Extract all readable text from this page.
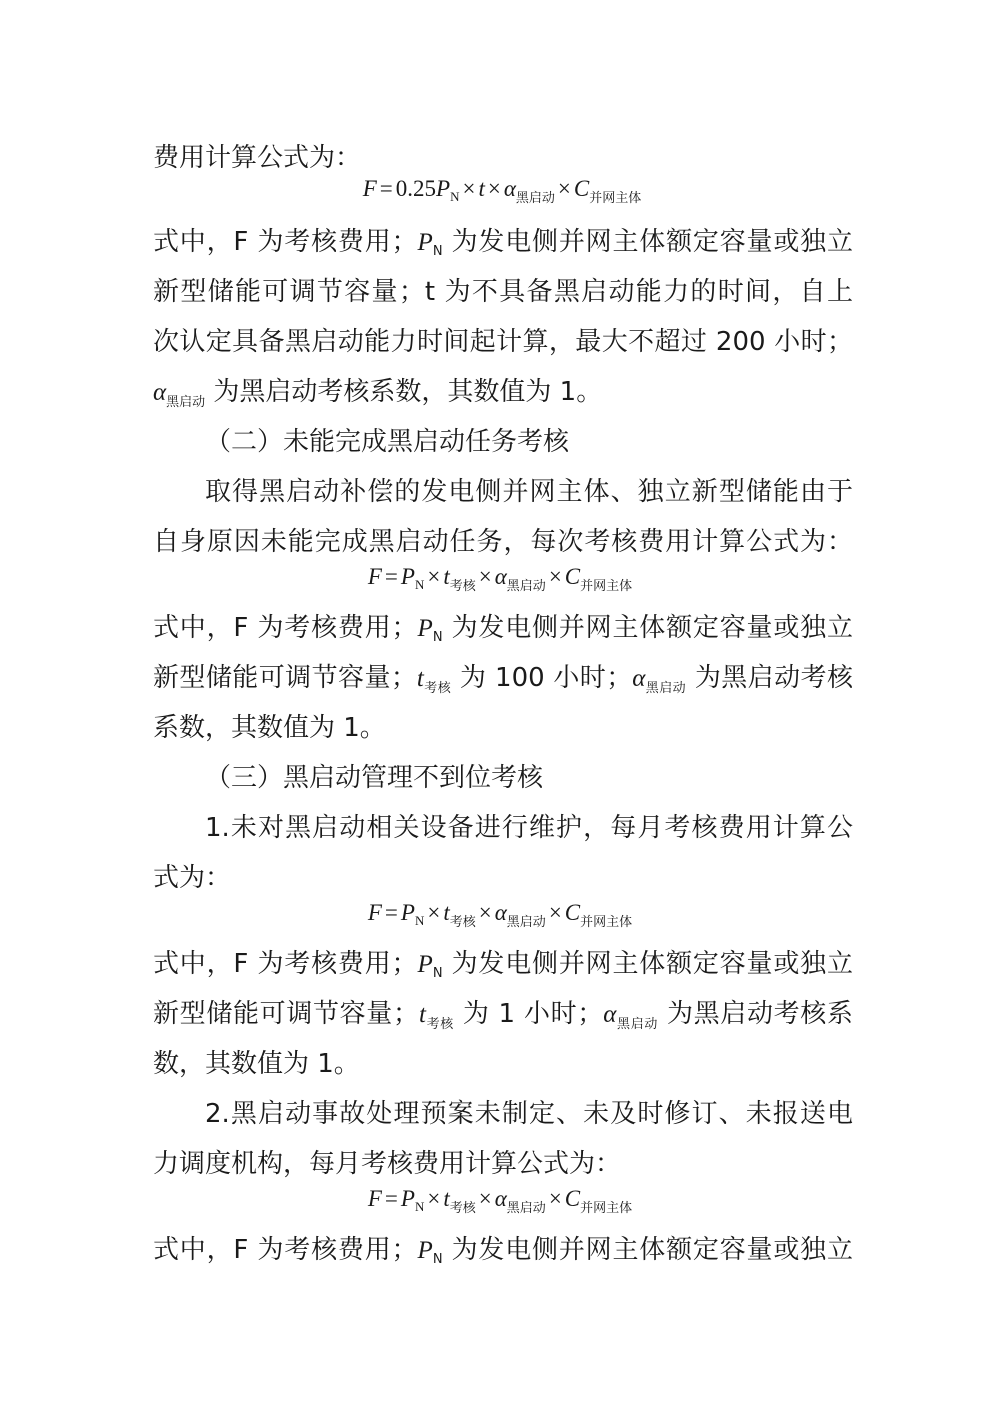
费用计算公式为：
$F = 0.25P_N \times t \times \alpha_{黑启动} \times C_{并网主体}$
式中，F 为考核费用；$P_N$ 为发电侧并网主体额定容量或独立
新型储能可调节容量；t 为不具备黑启动能力的时间，自上
次认定具备黑启动能力时间起计算，最大不超过 200 小时；
$\alpha_{黑启动}$ 为黑启动考核系数，其数值为 1。
（二）未能完成黑启动任务考核
取得黑启动补偿的发电侧并网主体、独立新型储能由于
自身原因未能完成黑启动任务，每次考核费用计算公式为：
$F = P_N \times t_{考核} \times \alpha_{黑启动} \times C_{并网主体}$
式中，F 为考核费用；$P_N$ 为发电侧并网主体额定容量或独立
新型储能可调节容量；$t_{考核}$ 为 100 小时；$\alpha_{黑启动}$ 为黑启动考核
系数，其数值为 1。
（三）黑启动管理不到位考核
1.未对黑启动相关设备进行维护，每月考核费用计算公
式为：
$F = P_N \times t_{考核} \times \alpha_{黑启动} \times C_{并网主体}$
式中，F 为考核费用；$P_N$ 为发电侧并网主体额定容量或独立
新型储能可调节容量；$t_{考核}$ 为 1 小时；$\alpha_{黑启动}$ 为黑启动考核系
数，其数值为 1。
2.黑启动事故处理预案未制定、未及时修订、未报送电
力调度机构，每月考核费用计算公式为：
$F = P_N \times t_{考核} \times \alpha_{黑启动} \times C_{并网主体}$
式中，F 为考核费用；$P_N$ 为发电侧并网主体额定容量或独立
